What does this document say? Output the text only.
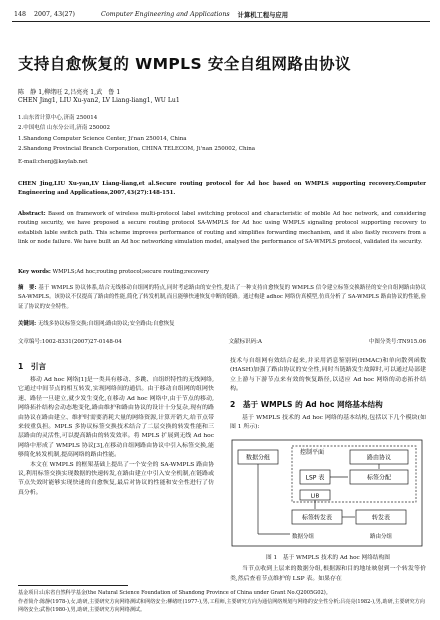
148 2007, 43(27)	Computer Engineering and Applications 计算机工程与应用
支持自愈恢复的 WMPLS 安全自组网路由协议
陈　静 1,柳绪旺 2,吕亮亮 1,武　鲁 1
CHEN Jing1, LIU Xu-yan2, LV Liang-liang1, WU Lu1
1.山东省计算中心,济南 250014
2.中国电信 山东分公司,济南 250002
1.Shandong Computer Science Center, Ji'nan 250014, China
2.Shandong Provincial Branch Corporation, CHINA TELECOM, Ji'nan 250002, China
E-mail:chenj@keylab.net
CHEN Jing,LIU Xu-yan,LV Liang-liang,et al.Secure routing protocol for Ad hoc based on WMPLS supporting recovery.Computer Engineering and Applications,2007,43(27):148-151.
Abstract: Based on framework of wireless multi-protocol label switching protocol and characteristic of mobile Ad hoc network, and considering routing security, we have proposed a secure routing protocol SA-WMPLS for Ad hoc using WMPLS signaling protocol supporting recovery to establish lable switch path. This scheme improves performance of routing and simplifies forwarding mechanism, and it also fastly recovers from a link or node failure. We have built an Ad hoc networking simulation model, analysed the performance of SA-WMPLS protocol, validated its security.
Key words: WMPLS;Ad hoc;routing protocol;secure routing;recovery
摘　要: 基于 WMPLS 协议体系,结合无线移动自组网的特点,同时考虑路由的安全性,提出了一种支持自愈恢复的 WMPLS 信令建立标签交换路径的安全自组网路由协议 SA-WMPLS。该协议不仅提高了路由的性能,简化了转发机制,而且能够快速恢复中断的链路。通过构建 adhoc 网络仿真模型,仿真分析了 SA-WMPLS 路由协议的性能,验证了协议的安全特性。
关键词: 无线多协议标签交换;自组网;路由协议;安全路由;自愈恢复
文章编号:1002-8331(2007)27-0148-04	文献标识码:A	中图分类号:TN915.06
1　引言
移动 Ad hoc 网络[1]是一类具有移动、多跳、自组织特性的无线网络,它通过中间节点的相互转发,实现网络间的通信。由于移动自组网的组网快速、路径一旦建立,就少发生变化,在移动 Ad hoc 网络中,由于节点的移动,网络拓扑结构会动态地变化,路由维护和路由协议的设计十分复杂,现有的路由协议在路由建立、维护时需要消耗大量的网络资源,计算开销大,给节点带来较重负担。MPLS 多协议标签交换技术结合了二层交换的转发性能和三层路由的灵活性,可以提高路由的转发效率。将 MPLS 扩展到无线 Ad hoc 网络中形成了 WMPLS 协议[3],在移动自组网路由协议中引入标签交换,能够简化转发机制,提高网络的路由性能。
本文在 WMPLS 的框架基础上提出了一个安全的 SA-WMPLS 路由协议,利用标签交换实现数据的快速转发,在路由建立中引入安全机制,在链路或节点失效时能够实现快速的自愈恢复,最后对协议的性能和安全性进行了仿真分析。
技术与自组网有效结合起来,并采用消息鉴别码(HMAC)和单向散列函数(HASH)加强了路由协议的安全性,同时当链路发生故障时,可以通过局部建立上游与下游节点来有效的恢复路径,以适应 Ad hoc 网络的动态拓扑结构。
2　基于 WMPLS 的 Ad hoc 网络基本结构
基于 WMPLS 技术的 Ad hoc 网络的基本结构,包括以下几个模块(如图 1 所示):
控制平面
路由协议
数据分组
LSP 表	标签分配
LIB
标签转发表	转发表
数据分组	路由分组
图 1　基于 WMPLS 技术的 Ad hoc 网络结构图
当节点收到上层来的数据分组,根据源和目的地址映射到一个转发等价类,然后查看节点维护的 LSP 表。如果存在
基金项目:山东省自然科学基金(the Natural Science Foundation of Shandong Province of China under Grant No.Q2005G02)。
作者简介:陈静(1978-),女,助研,主要研究方向网络测试和网络安全;柳绪旺(1977-),男,工程师,主要研究方向为通信网络规划与网络的安全性分析;吕亮亮(1982-),男,助研,主要研究方向网络安全;武鲁(1980-),男,助研,主要研究方向网络测试。
